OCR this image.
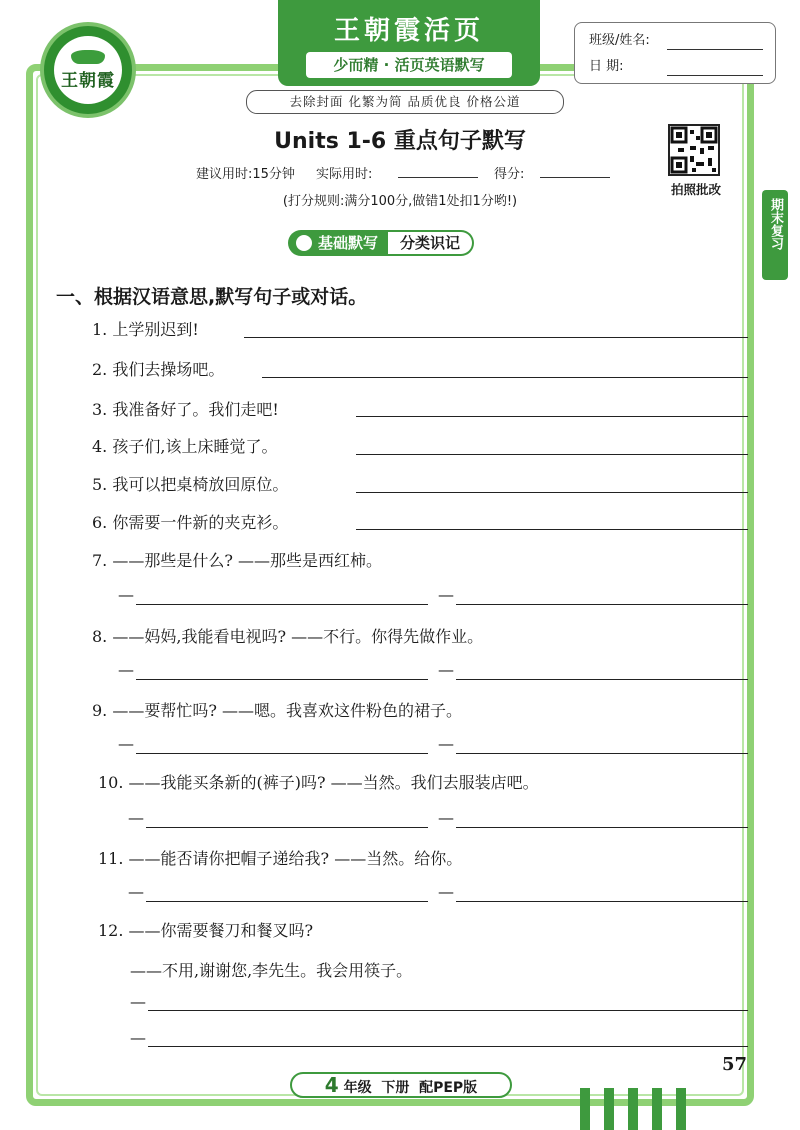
王朝霞
王朝霞活页
少而精 · 活页英语默写
去除封面 化繁为简 品质优良 价格公道
班级/姓名:
日 期:
Units 1-6 重点句子默写
建议用时:15分钟 实际用时:	得分:
(打分规则:满分100分,做错1处扣1分哟!)
拍照批改
期末复习
基础默写	分类识记
一、根据汉语意思,默写句子或对话。
1. 上学别迟到!
2. 我们去操场吧。
3. 我准备好了。我们走吧!
4. 孩子们,该上床睡觉了。
5. 我可以把桌椅放回原位。
6. 你需要一件新的夹克衫。
7. ——那些是什么? ——那些是西红柿。
—	—
8. ——妈妈,我能看电视吗? ——不行。你得先做作业。
—	—
9. ——要帮忙吗? ——嗯。我喜欢这件粉色的裙子。
—	—
10. ——我能买条新的(裤子)吗? ——当然。我们去服装店吧。
—	—
11. ——能否请你把帽子递给我? ——当然。给你。
—	—
12. ——你需要餐刀和餐叉吗?
——不用,谢谢您,李先生。我会用筷子。
—
—
4 年级 下册 配PEP版
57
